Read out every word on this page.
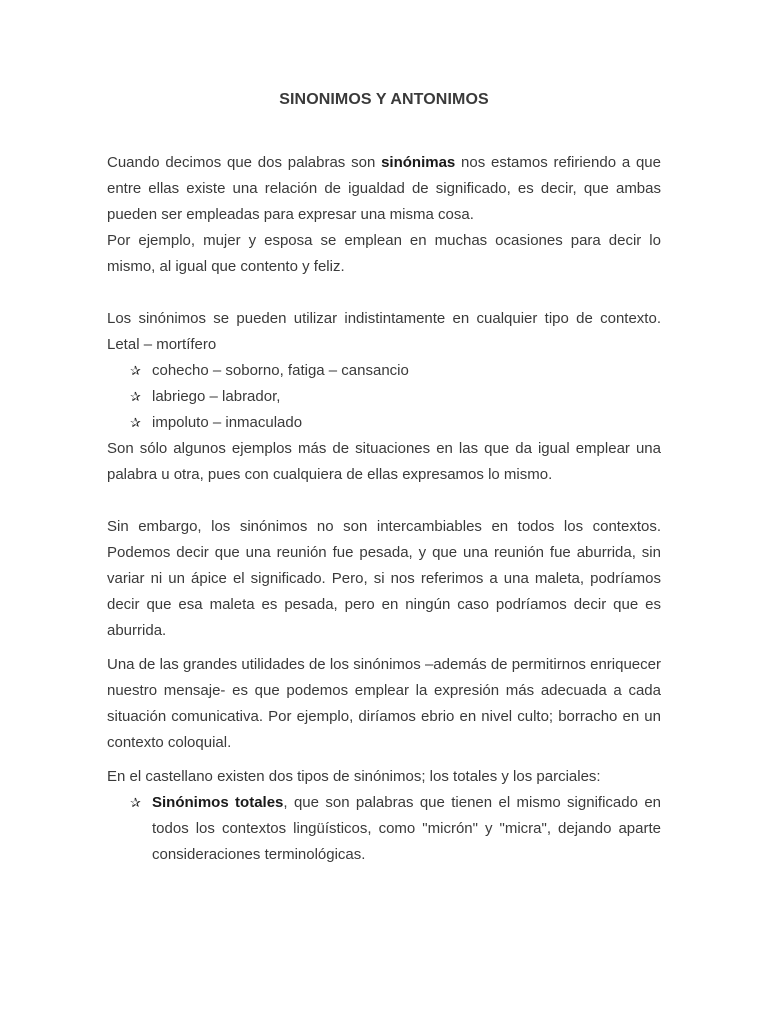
SINONIMOS Y ANTONIMOS

Cuando decimos que dos palabras son sinónimas nos estamos refiriendo a que entre ellas existe una relación de igualdad de significado, es decir, que ambas pueden ser empleadas para expresar una misma cosa.

Por ejemplo, mujer y esposa se emplean en muchas ocasiones para decir lo mismo, al igual que contento y feliz.

Los sinónimos se pueden utilizar indistintamente en cualquier tipo de contexto. Letal – mortífero

✰ cohecho – soborno, fatiga – cansancio
✰ labriego – labrador,
✰ impoluto – inmaculado

Son sólo algunos ejemplos más de situaciones en las que da igual emplear una palabra u otra, pues con cualquiera de ellas expresamos lo mismo.

Sin embargo, los sinónimos no son intercambiables en todos los contextos. Podemos decir que una reunión fue pesada, y que una reunión fue aburrida, sin variar ni un ápice el significado. Pero, si nos referimos a una maleta, podríamos decir que esa maleta es pesada, pero en ningún caso podríamos decir que es aburrida.

Una de las grandes utilidades de los sinónimos –además de permitirnos enriquecer nuestro mensaje- es que podemos emplear la expresión más adecuada a cada situación comunicativa. Por ejemplo, diríamos ebrio en nivel culto; borracho en un contexto coloquial.

En el castellano existen dos tipos de sinónimos; los totales y los parciales:

✰ Sinónimos totales, que son palabras que tienen el mismo significado en todos los contextos lingüísticos, como "micrón" y "micra", dejando aparte consideraciones terminológicas.
